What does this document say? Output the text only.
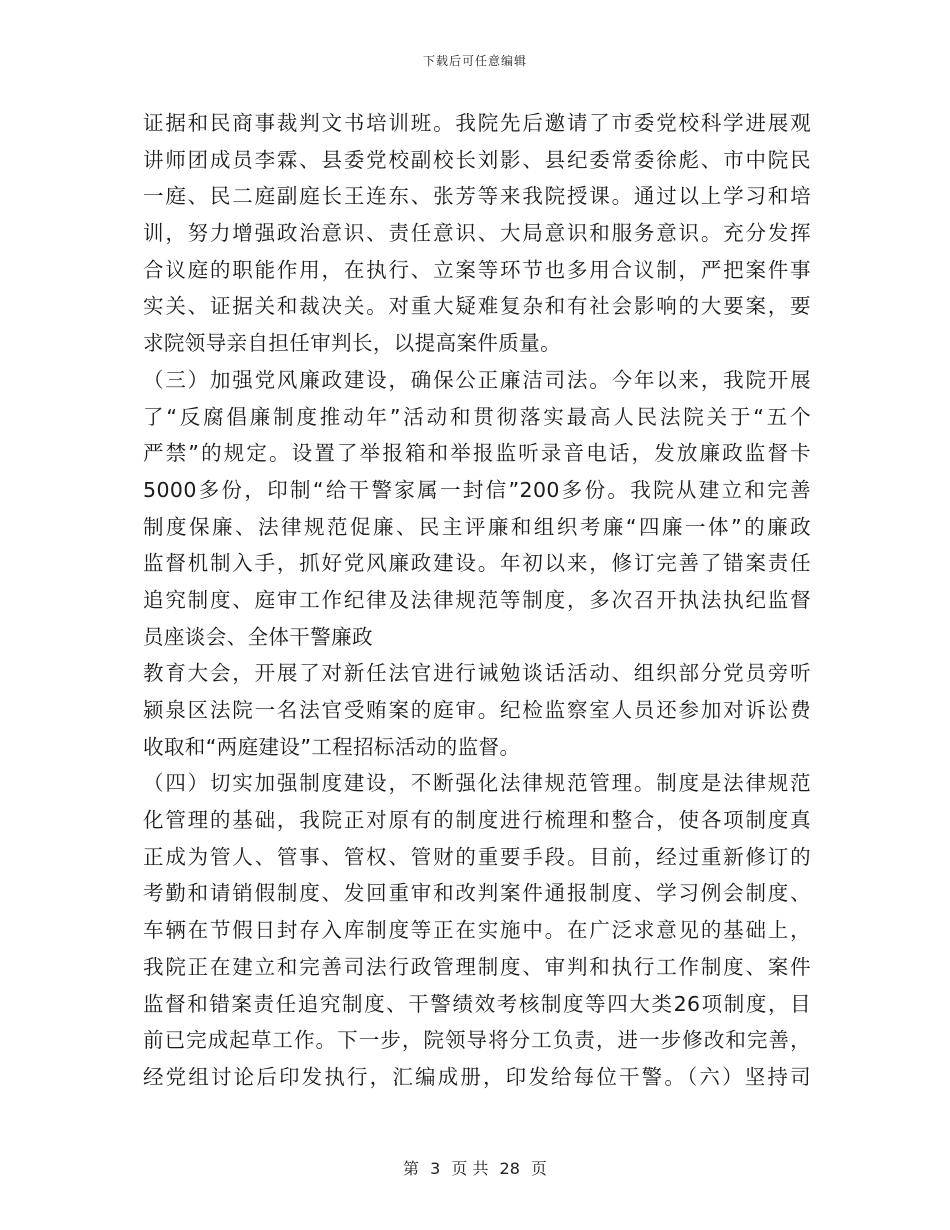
下载后可任意编辑
证据和民商事裁判文书培训班。我院先后邀请了市委党校科学进展观
讲师团成员李霖、县委党校副校长刘影、县纪委常委徐彪、市中院民
一庭、民二庭副庭长王连东、张芳等来我院授课。通过以上学习和培
训，努力增强政治意识、责任意识、大局意识和服务意识。充分发挥
合议庭的职能作用，在执行、立案等环节也多用合议制，严把案件事
实关、证据关和裁决关。对重大疑难复杂和有社会影响的大要案，要
求院领导亲自担任审判长，以提高案件质量。
（三）加强党风廉政建设，确保公正廉洁司法。今年以来，我院开展
了“反腐倡廉制度推动年”活动和贯彻落实最高人民法院关于“五个
严禁”的规定。设置了举报箱和举报监听录音电话，发放廉政监督卡
5000多份，印制“给干警家属一封信”200多份。我院从建立和完善
制度保廉、法律规范促廉、民主评廉和组织考廉“四廉一体”的廉政
监督机制入手，抓好党风廉政建设。年初以来，修订完善了错案责任
追究制度、庭审工作纪律及法律规范等制度，多次召开执法执纪监督
员座谈会、全体干警廉政
教育大会，开展了对新任法官进行诫勉谈话活动、组织部分党员旁听
颍泉区法院一名法官受贿案的庭审。纪检监察室人员还参加对诉讼费
收取和“两庭建设”工程招标活动的监督。
（四）切实加强制度建设，不断强化法律规范管理。制度是法律规范
化管理的基础，我院正对原有的制度进行梳理和整合，使各项制度真
正成为管人、管事、管权、管财的重要手段。目前，经过重新修订的
考勤和请销假制度、发回重审和改判案件通报制度、学习例会制度、
车辆在节假日封存入库制度等正在实施中。在广泛求意见的基础上，
我院正在建立和完善司法行政管理制度、审判和执行工作制度、案件
监督和错案责任追究制度、干警绩效考核制度等四大类26项制度，目
前已完成起草工作。下一步，院领导将分工负责，进一步修改和完善，
经党组讨论后印发执行，汇编成册，印发给每位干警。（六）坚持司
第 3 页 共 28 页
